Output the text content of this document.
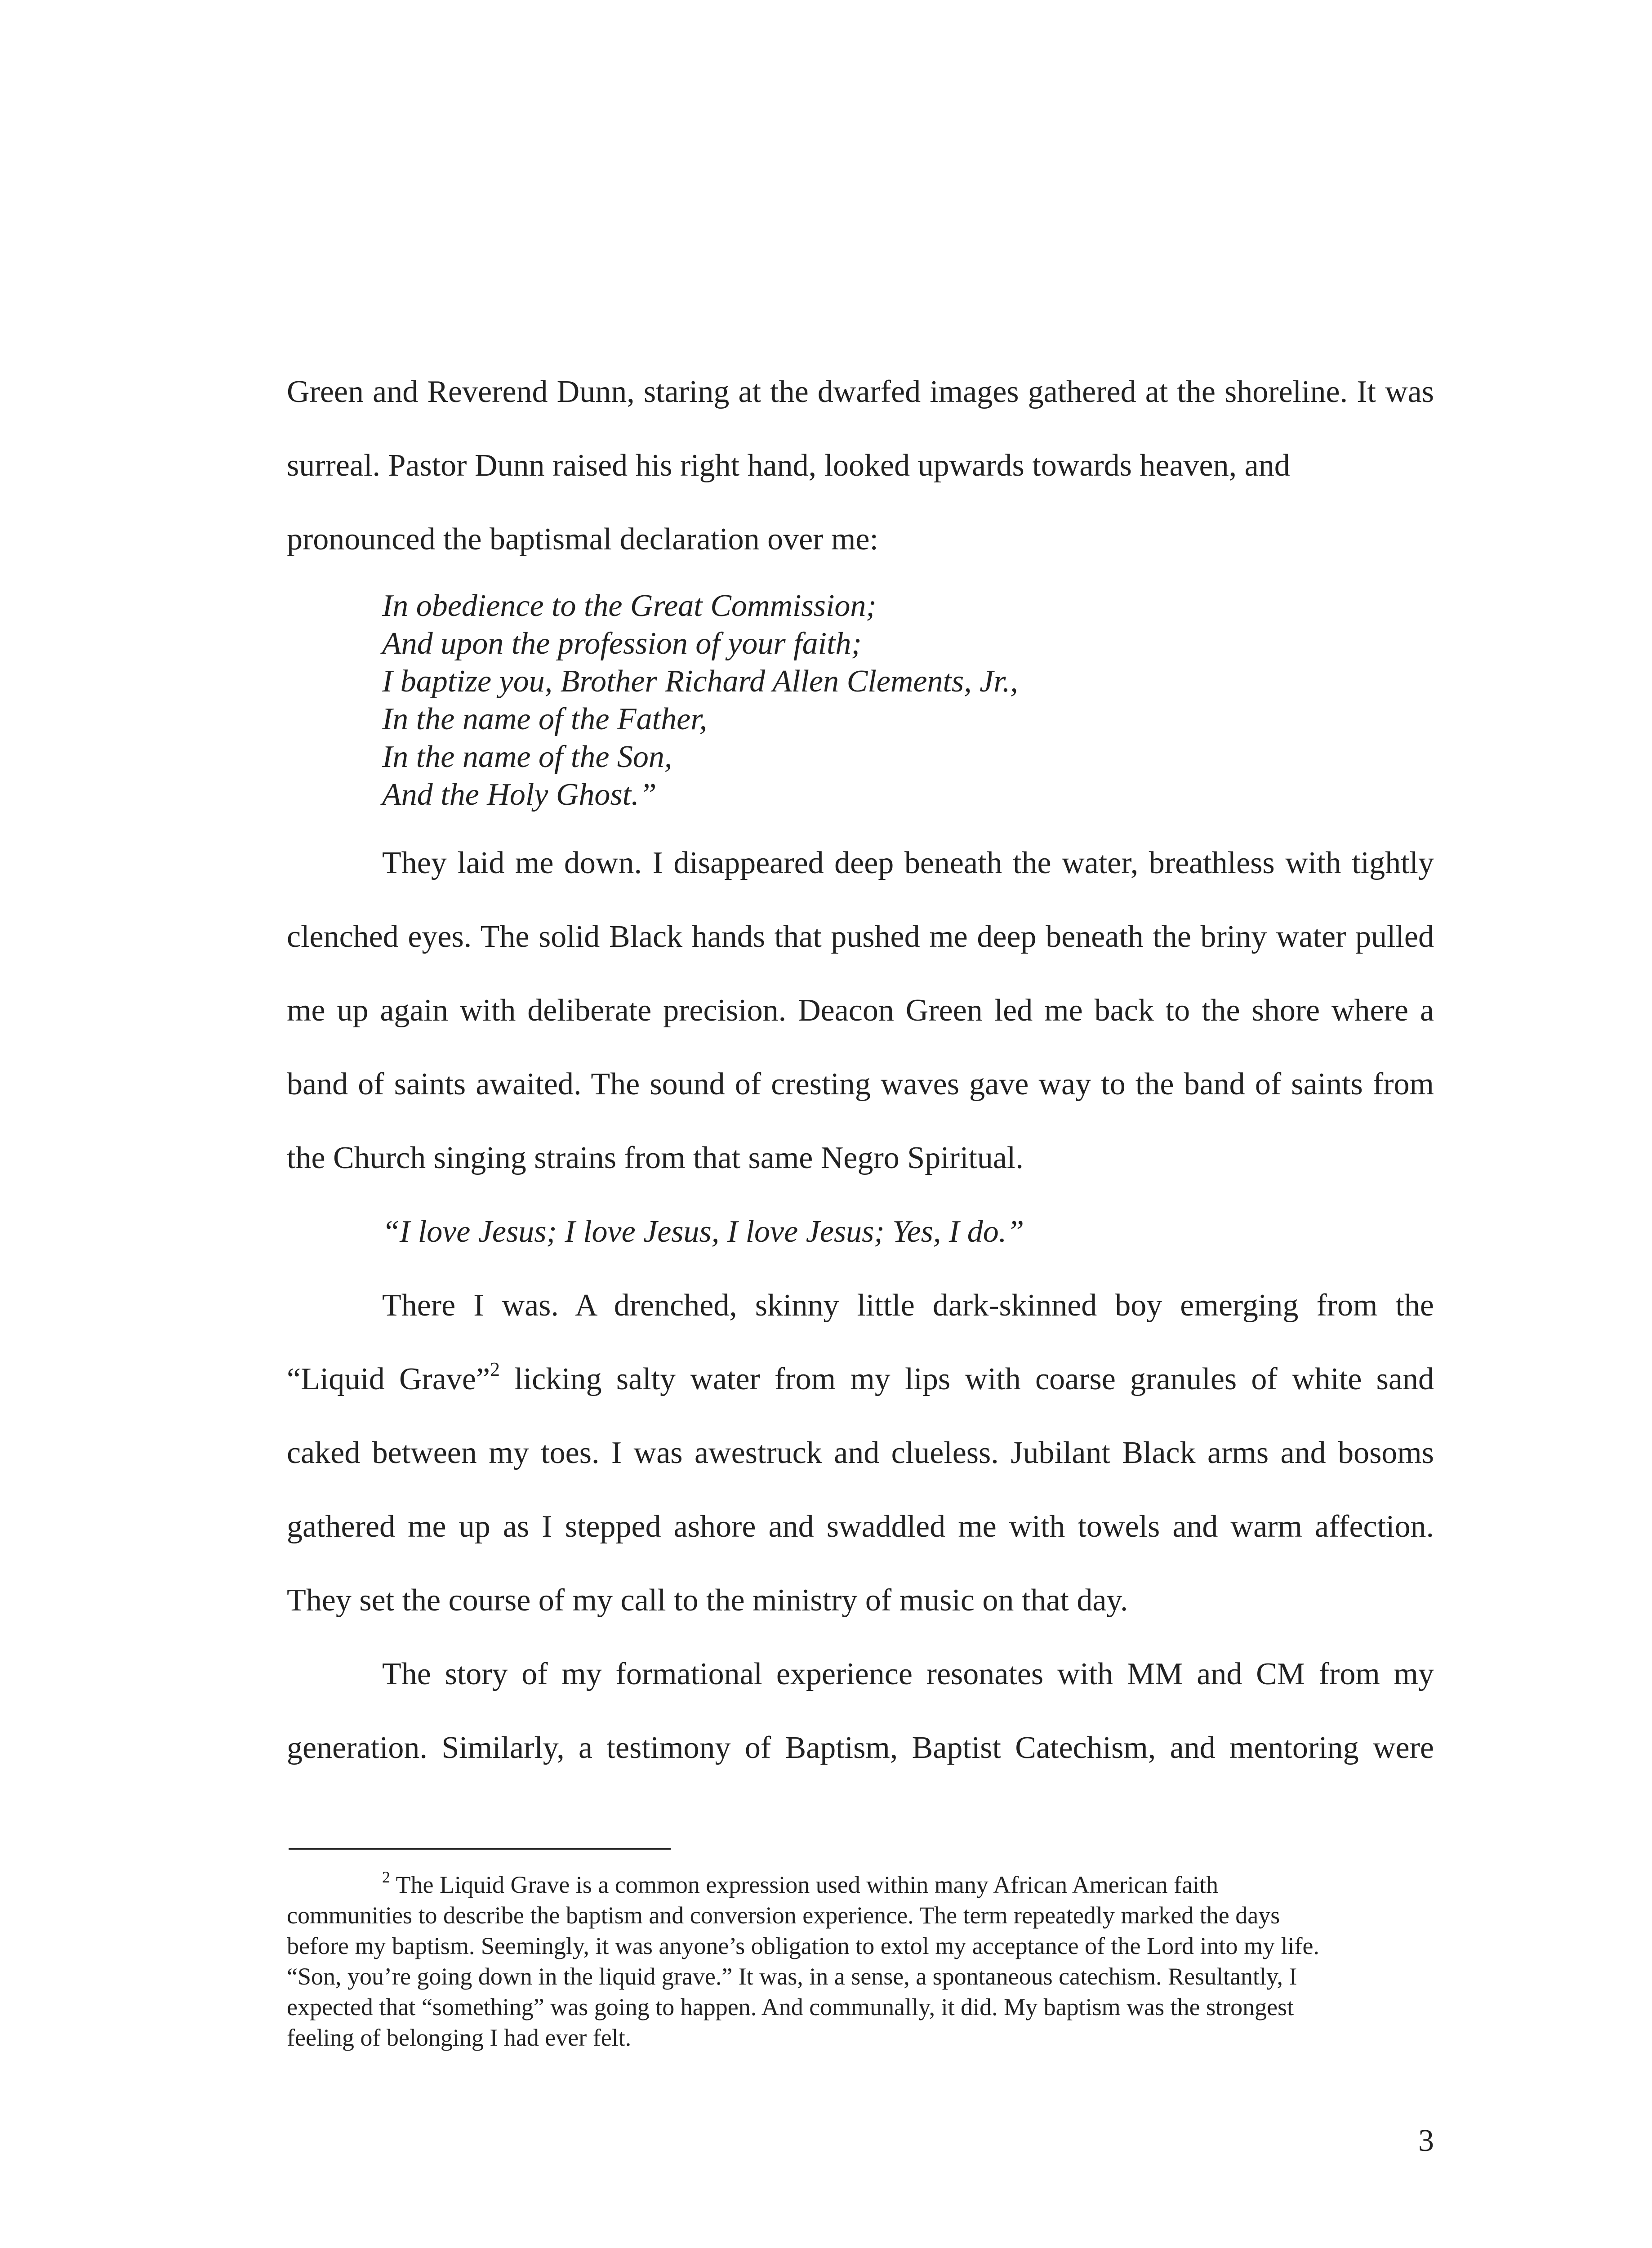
Green and Reverend Dunn, staring at the dwarfed images gathered at the shoreline. It was

surreal. Pastor Dunn raised his right hand, looked upwards towards heaven, and

pronounced the baptismal declaration over me:

In obedience to the Great Commission;

And upon the profession of your faith;

I baptize you, Brother Richard Allen Clements, Jr.,

In the name of the Father,

In the name of the Son,

And the Holy Ghost.”

They laid me down. I disappeared deep beneath the water, breathless with tightly

clenched eyes. The solid Black hands that pushed me deep beneath the briny water pulled

me up again with deliberate precision. Deacon Green led me back to the shore where a

band of saints awaited. The sound of cresting waves gave way to the band of saints from

the Church singing strains from that same Negro Spiritual.

“I love Jesus; I love Jesus, I love Jesus; Yes, I do.”

There I was. A drenched, skinny little dark-skinned boy emerging from the

“Liquid Grave”$^2$ licking salty water from my lips with coarse granules of white sand

caked between my toes. I was awestruck and clueless. Jubilant Black arms and bosoms

gathered me up as I stepped ashore and swaddled me with towels and warm affection.

They set the course of my call to the ministry of music on that day.

The story of my formational experience resonates with MM and CM from my

generation. Similarly, a testimony of Baptism, Baptist Catechism, and mentoring were

$^2$ The Liquid Grave is a common expression used within many African American faith

communities to describe the baptism and conversion experience. The term repeatedly marked the days

before my baptism. Seemingly, it was anyone’s obligation to extol my acceptance of the Lord into my life.

“Son, you’re going down in the liquid grave.” It was, in a sense, a spontaneous catechism. Resultantly, I

expected that “something” was going to happen. And communally, it did. My baptism was the strongest

feeling of belonging I had ever felt.

3
